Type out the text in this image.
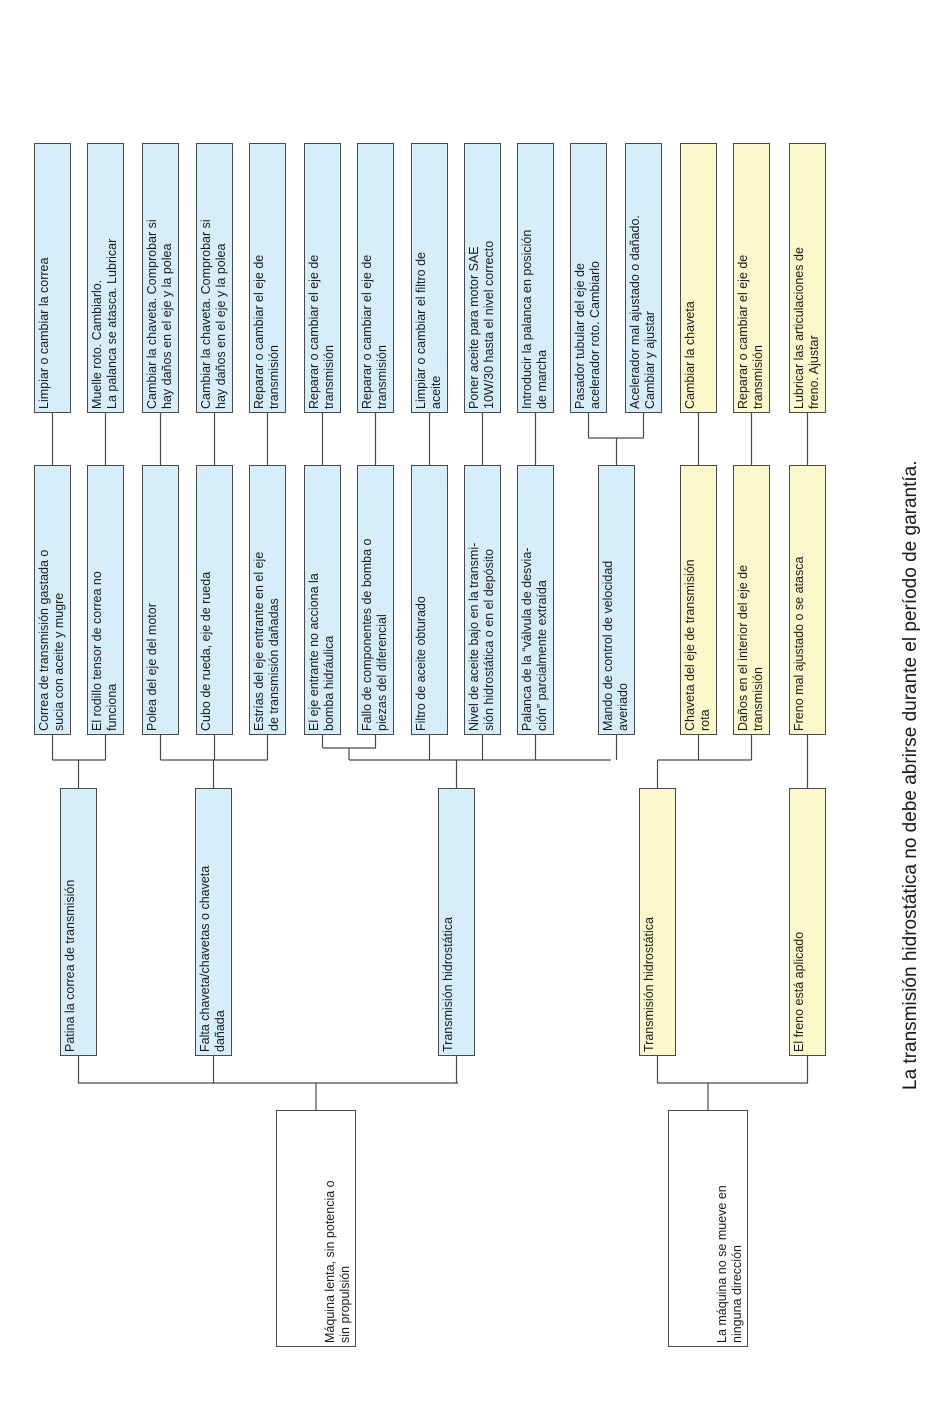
Máquina lenta, sin potencia o
sin propulsión
La máquina no se mueve en
ninguna dirección
Patina la correa de transmisión	Falta chaveta/chavetas o chaveta
dañada	Transmisión hidrostática	Transmisión hidrostática	El freno está aplicado
Correa de transmisión gastada o
sucia con aceite y mugre
El rodillo tensor de correa no
funciona	Polea del eje del motor	Cubo de rueda, eje de rueda	Estrías del eje entrante en el eje
de transmisión dañadas
El eje entrante no acciona la
bomba hidráulica
Fallo de componentes de bomba o
piezas del diferencial	Filtro de aceite obturado	Nivel de aceite bajo en la transmi-
sión hidrostática o en el depósito
Palanca de la “válvula de desvia-
ción” parcialmente extraída
Mando de control de velocidad
averiado	Chaveta del eje de transmisión
rota	Daños en el interior del eje de
transmisión	Freno mal ajustado o se atasca
Limpiar o cambiar la correa	Muelle roto. Cambiarlo.
La palanca se atasca. Lubricar
Cambiar la chaveta. Comprobar si
hay daños en el eje y la polea
Cambiar la chaveta. Comprobar si
hay daños en el eje y la polea
Reparar o cambiar el eje de
transmisión	Reparar o cambiar el eje de
transmisión	Reparar o cambiar el eje de
transmisión	Limpiar o cambiar el filtro de
aceite	Poner aceite para motor SAE
10W/30 hasta el nivel correcto
Introducir la palanca en posición
de marcha	Pasador tubular del eje de
acelerador roto. Cambiarlo
Acelerador mal ajustado o dañado.
Cambiar y ajustar	Cambiar la chaveta	Reparar o cambiar el eje de
transmisión	Lubricar las articulaciones de
freno. Ajustar
La transmisión hidrostática no debe abrirse durante el período de garantía.
